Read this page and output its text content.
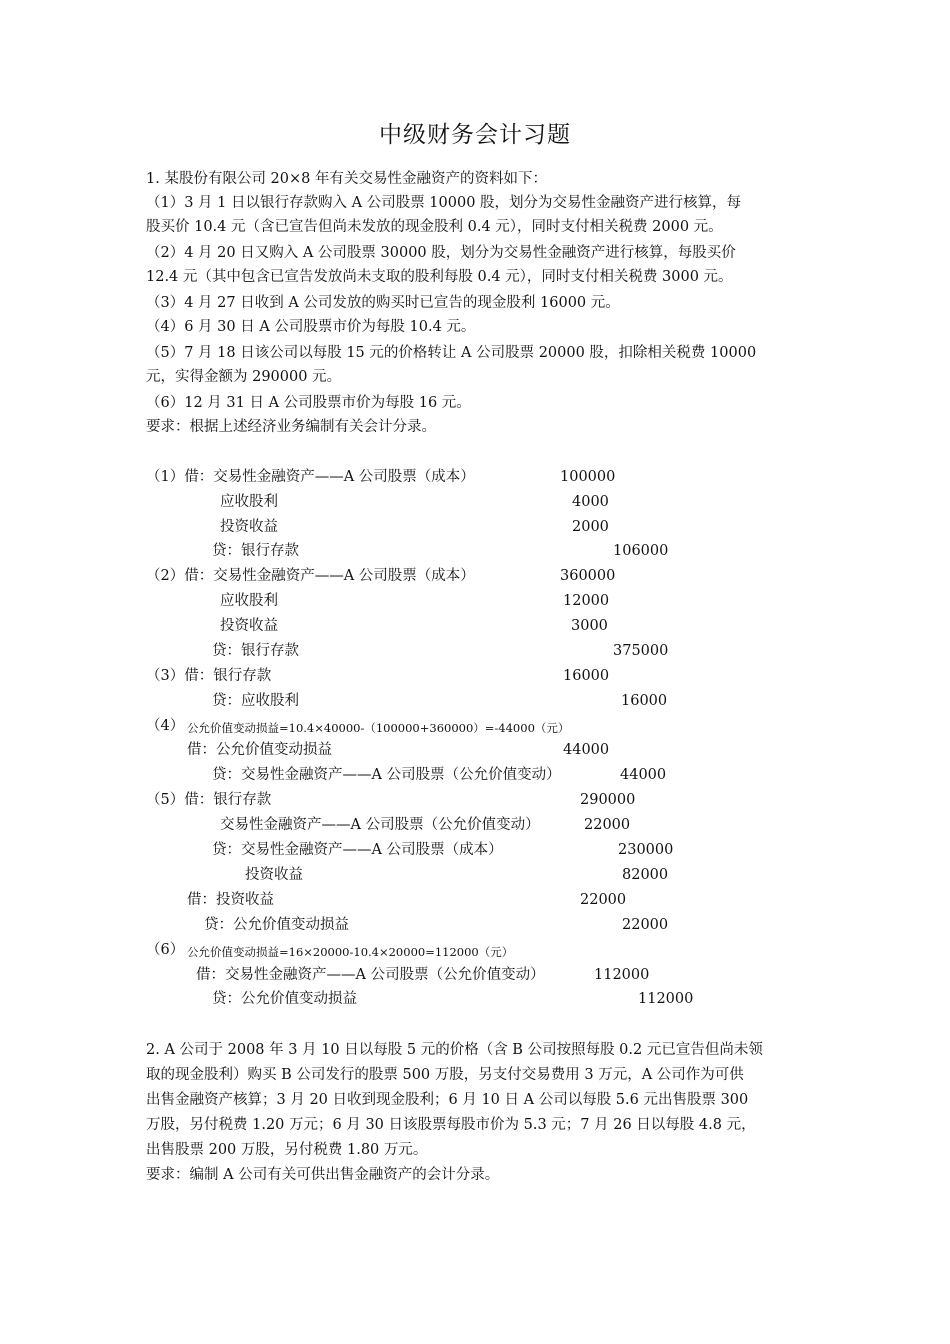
中级财务会计习题
1. 某股份有限公司 20×8 年有关交易性金融资产的资料如下：
（1）3 月 1 日以银行存款购入 A 公司股票 10000 股，划分为交易性金融资产进行核算，每
股买价 10.4 元（含已宣告但尚未发放的现金股利 0.4 元），同时支付相关税费 2000 元。
（2）4 月 20 日又购入 A 公司股票 30000 股，划分为交易性金融资产进行核算，每股买价
12.4 元（其中包含已宣告发放尚未支取的股利每股 0.4 元），同时支付相关税费 3000 元。
（3）4 月 27 日收到 A 公司发放的购买时已宣告的现金股利 16000 元。
（4）6 月 30 日 A 公司股票市价为每股 10.4 元。
（5）7 月 18 日该公司以每股 15 元的价格转让 A 公司股票 20000 股，扣除相关税费 10000
元，实得金额为 290000 元。
（6）12 月 31 日 A 公司股票市价为每股 16 元。
要求：根据上述经济业务编制有关会计分录。
（1）借：交易性金融资产——A 公司股票（成本）	100000
应收股利	4000
投资收益	2000
贷：银行存款	106000
（2）借：交易性金融资产——A 公司股票（成本）	360000
应收股利	12000
投资收益	3000
贷：银行存款	375000
（3）借：银行存款	16000
贷：应收股利	16000
（4） 公允价值变动损益=10.4×40000-（100000+360000）=-44000（元）
借：公允价值变动损益	44000
贷：交易性金融资产——A 公司股票（公允价值变动）	44000
（5）借：银行存款	290000
交易性金融资产——A 公司股票（公允价值变动）	22000
贷：交易性金融资产——A 公司股票（成本）	230000
投资收益	82000
借：投资收益	22000
贷：公允价值变动损益	22000
（6） 公允价值变动损益=16×20000-10.4×20000=112000（元）
借：交易性金融资产——A 公司股票（公允价值变动）	112000
贷：公允价值变动损益	112000
2. A 公司于 2008 年 3 月 10 日以每股 5 元的价格（含 B 公司按照每股 0.2 元已宣告但尚未领
取的现金股利）购买 B 公司发行的股票 500 万股，另支付交易费用 3 万元，A 公司作为可供
出售金融资产核算；3 月 20 日收到现金股利；6 月 10 日 A 公司以每股 5.6 元出售股票 300
万股，另付税费 1.20 万元；6 月 30 日该股票每股市价为 5.3 元；7 月 26 日以每股 4.8 元，
出售股票 200 万股，另付税费 1.80 万元。
要求：编制 A 公司有关可供出售金融资产的会计分录。
